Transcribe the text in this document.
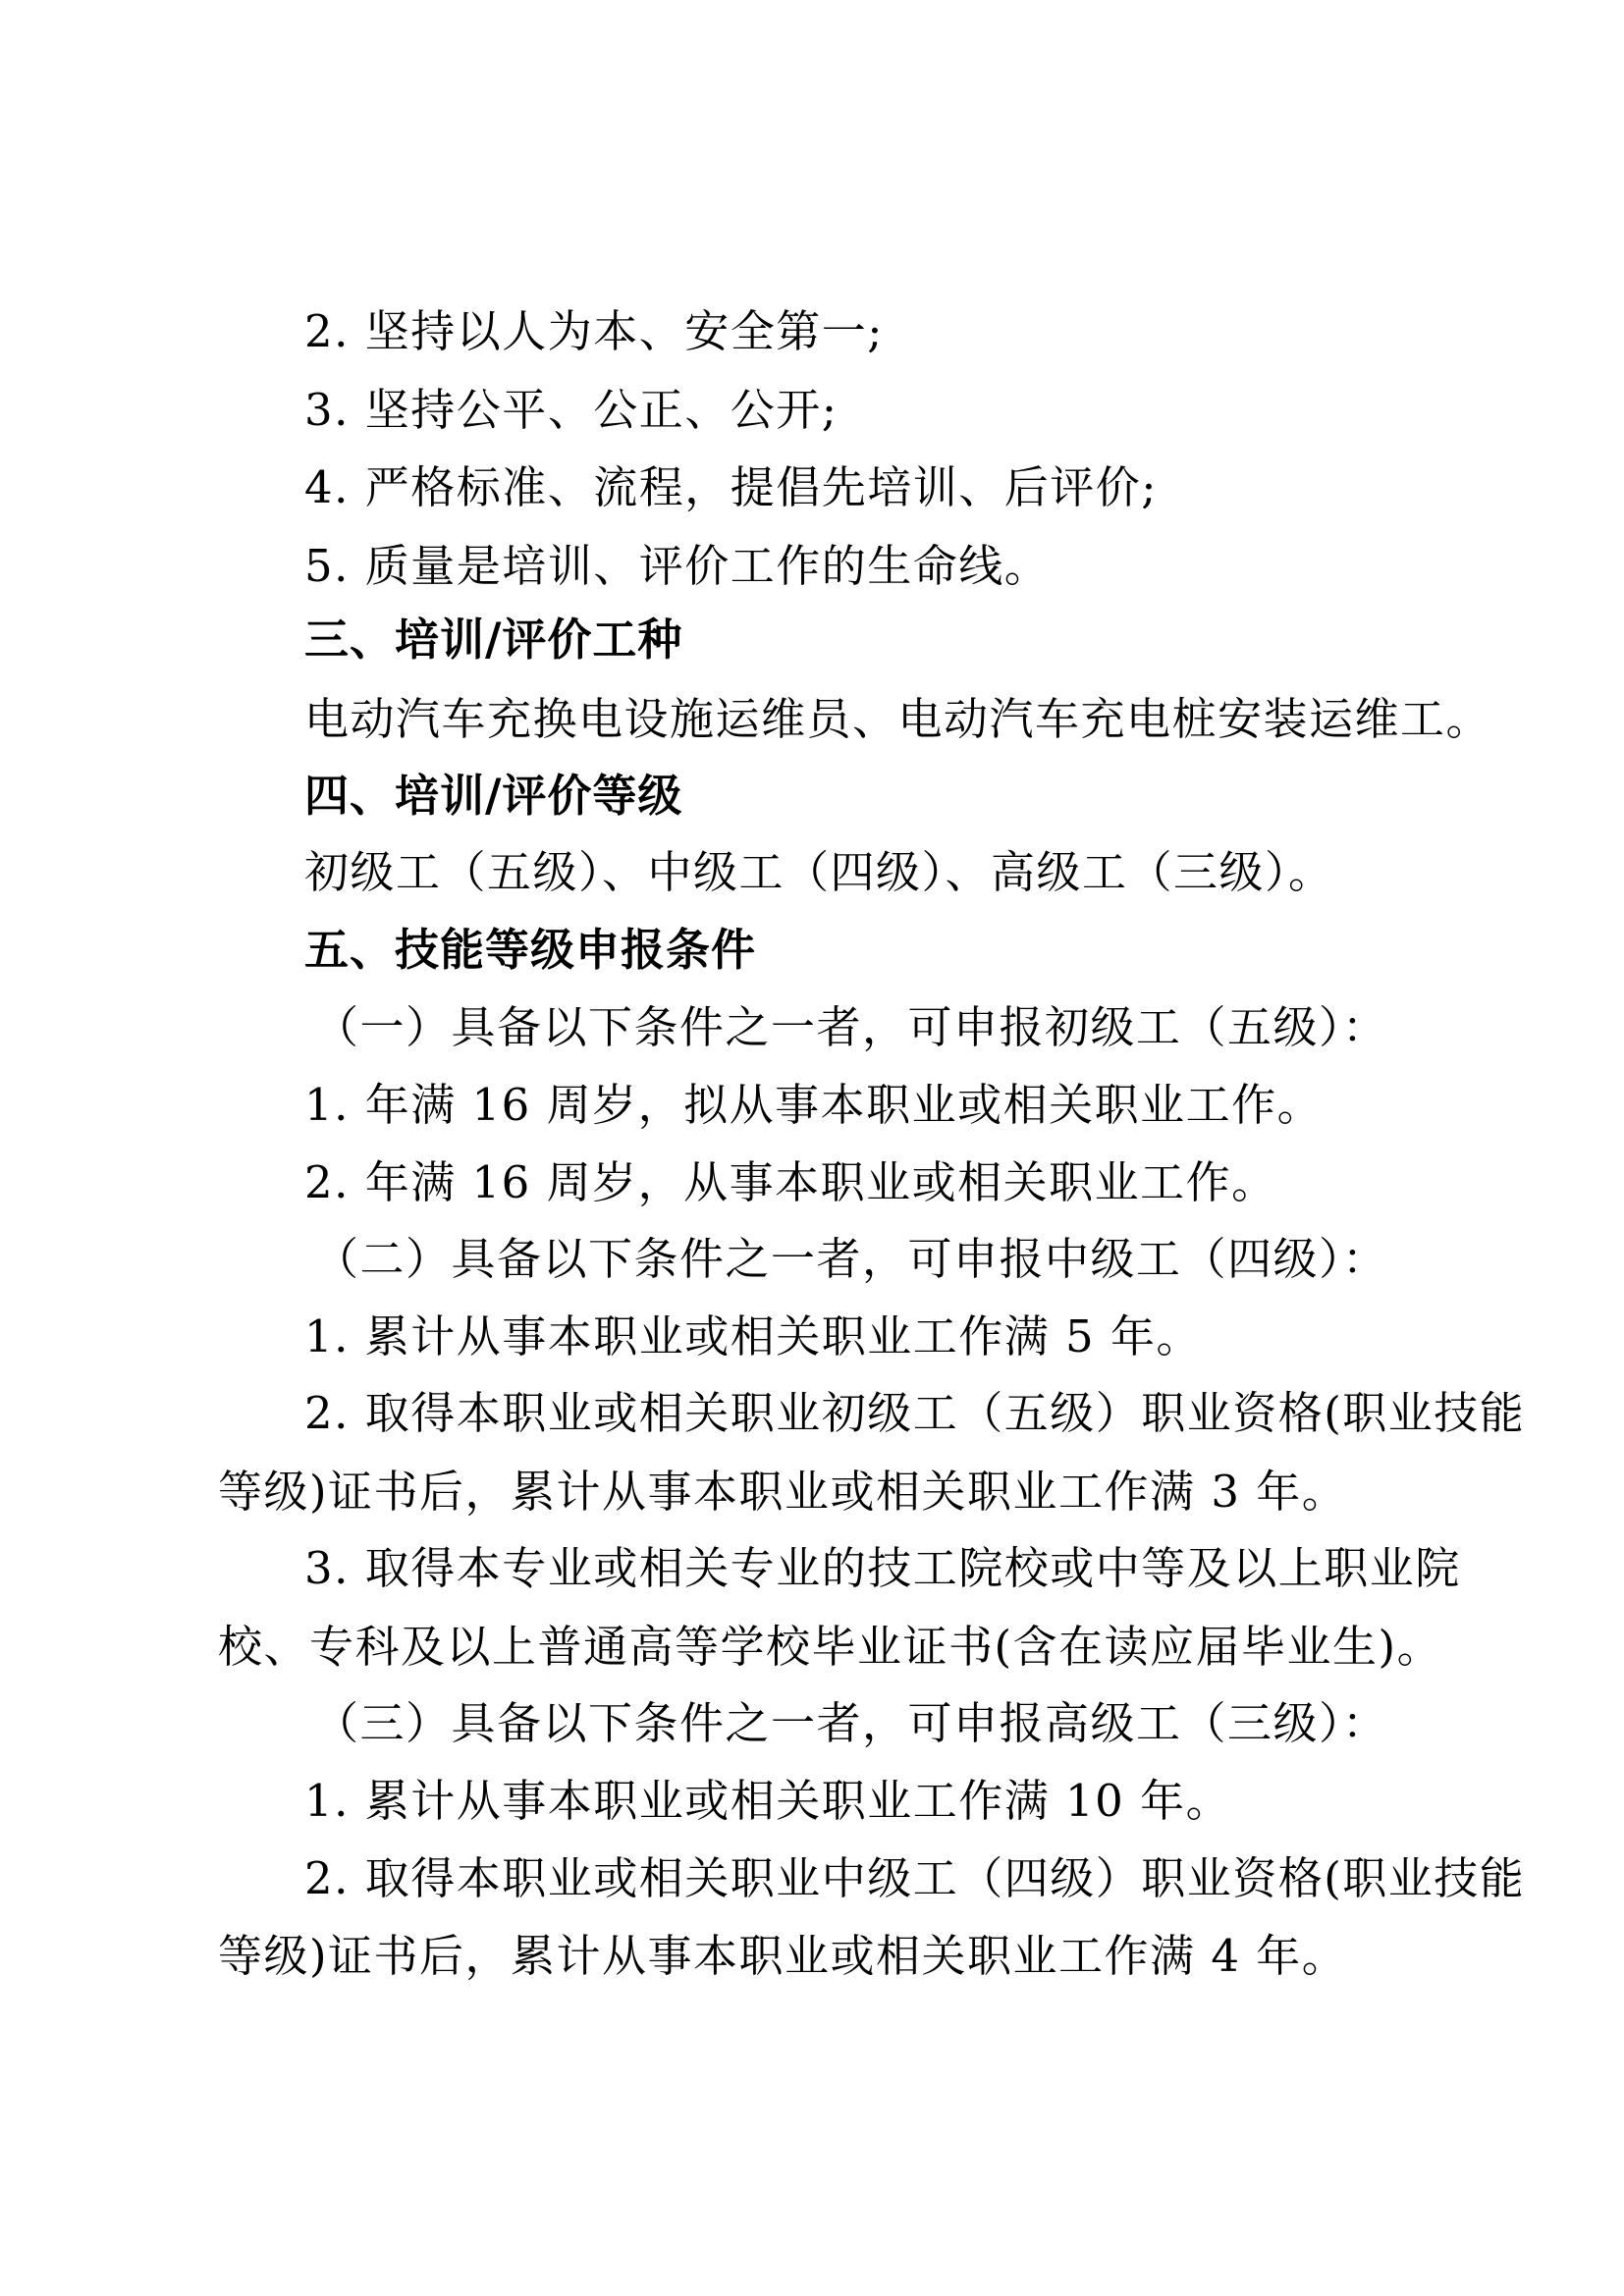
2. 坚持以人为本、安全第一;
3. 坚持公平、公正、公开;
4. 严格标准、流程，提倡先培训、后评价;
5. 质量是培训、评价工作的生命线。
三、培训/评价工种
电动汽车充换电设施运维员、电动汽车充电桩安装运维工。
四、培训/评价等级
初级工（五级）、中级工（四级）、高级工（三级）。
五、技能等级申报条件
（一）具备以下条件之一者，可申报初级工（五级）：
1. 年满 16 周岁，拟从事本职业或相关职业工作。
2. 年满 16 周岁，从事本职业或相关职业工作。
（二）具备以下条件之一者，可申报中级工（四级）：
1. 累计从事本职业或相关职业工作满 5 年。
2. 取得本职业或相关职业初级工（五级）职业资格(职业技能
等级)证书后，累计从事本职业或相关职业工作满 3 年。
3. 取得本专业或相关专业的技工院校或中等及以上职业院
校、专科及以上普通高等学校毕业证书(含在读应届毕业生)。
（三）具备以下条件之一者，可申报高级工（三级）：
1. 累计从事本职业或相关职业工作满 10 年。
2. 取得本职业或相关职业中级工（四级）职业资格(职业技能
等级)证书后，累计从事本职业或相关职业工作满 4 年。
